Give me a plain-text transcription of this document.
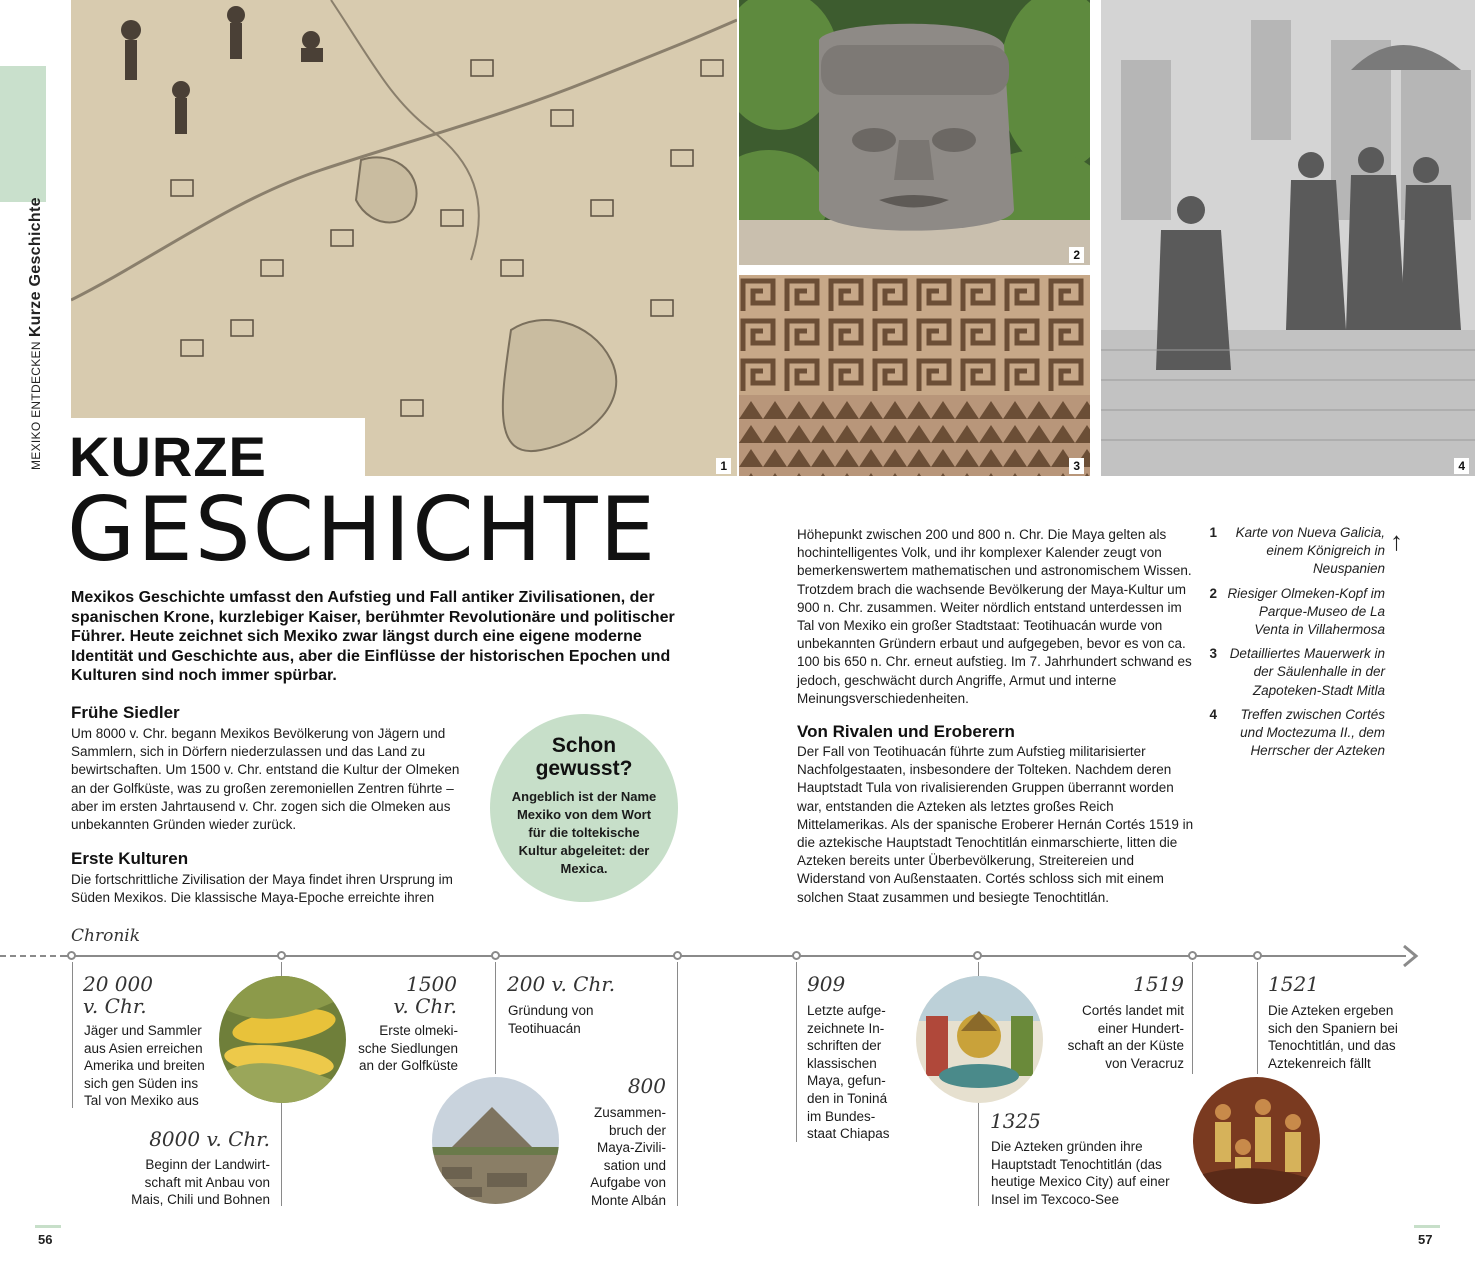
MEXIKO ENTDECKENKurze Geschichte
1
2
3	4
KURZE
GESCHICHTE

Mexikos Geschichte umfasst den Aufstieg und Fall antiker Zivilisationen, der spanischen Krone, kurzlebiger Kaiser, berühmter Revolutionäre und politischer Führer. Heute zeichnet sich Mexiko zwar längst durch eine eigene moderne Identität und Geschichte aus, aber die Einflüsse der historischen Epochen und Kulturen sind noch immer spürbar.

Frühe Siedler

Um 8000 v. Chr. begann Mexikos Bevölkerung von Jägern und Sammlern, sich in Dörfern niederzulassen und das Land zu bewirtschaften. Um 1500 v. Chr. entstand die Kultur der Olmeken an der Golfküste, was zu großen zeremoniellen Zentren führte – aber im ersten Jahrtausend v. Chr. zogen sich die Olmeken aus unbekannten Gründen wieder zurück.

Erste Kulturen

Die fortschrittliche Zivilisation der Maya findet ihren Ursprung im Süden Mexikos. Die klassische Maya-Epoche erreichte ihren

Schon
gewusst?
Angeblich ist der Name Mexiko von dem Wort für die toltekische Kultur abgeleitet: der Mexica.

Höhepunkt zwischen 200 und 800 n. Chr. Die Maya gelten als hochintelligentes Volk, und ihr komplexer Kalender zeugt von bemerkenswertem mathematischen und astronomischem Wissen. Trotzdem brach die wachsende Bevölkerung der Maya-Kultur um 900 n. Chr. zusammen. Weiter nördlich entstand unterdessen im Tal von Mexiko ein großer Stadtstaat: Teotihuacán wurde von unbekannten Gründern erbaut und aufgegeben, bevor es von ca. 100 bis 650 n. Chr. erneut aufstieg. Im 7. Jahrhundert schwand es jedoch, geschwächt durch Angriffe, Armut und interne Meinungsverschiedenheiten.

Von Rivalen und Eroberern

Der Fall von Teotihuacán führte zum Aufstieg militarisierter Nachfolgestaaten, insbesondere der Tolteken. Nachdem deren Hauptstadt Tula von rivalisierenden Gruppen überrannt worden war, entstanden die Azteken als letztes großes Reich Mittelamerikas. Als der spanische Eroberer Hernán Cortés 1519 in die aztekische Hauptstadt Tenochtitlán einmarschierte, litten die Azteken bereits unter Überbevölkerung, Streitereien und Widerstand von Außenstaaten. Cortés schloss sich mit einem solchen Staat zusammen und besiegte Tenochtitlán.

1	Karte von Nueva Galicia, einem Königreich in Neuspanien
2 Riesiger Olmeken-Kopf im Parque-Museo de La Venta in Villahermosa
3 Detailliertes Mauerwerk in der Säulenhalle in der Zapoteken-Stadt Mitla
4	Treffen zwischen Cortés und Moctezuma II., dem Herrscher der Azteken
↑
Chronik
20 000
v. Chr.
Jäger und Sammler
aus Asien erreichen
Amerika und breiten
sich gen Süden ins
Tal von Mexiko aus
8000 v. Chr.
Beginn der Landwirt-
schaft mit Anbau von
Mais, Chili und Bohnen
1500
v. Chr.
Erste olmeki-
sche Siedlungen
an der Golfküste
200 v. Chr.
Gründung von
Teotihuacán
800
Zusammen-
bruch der
Maya-Zivili-
sation und
Aufgabe von
Monte Albán
909
Letzte aufge-
zeichnete In-
schriften der
klassischen
Maya, gefun-
den in Toniná
im Bundes-
staat Chiapas
1325
Die Azteken gründen ihre
Hauptstadt Tenochtitlán (das
heutige Mexico City) auf einer
Insel im Texcoco-See
1519
Cortés landet mit
einer Hundert-
schaft an der Küste
von Veracruz
1521
Die Azteken ergeben
sich den Spaniern bei
Tenochtitlán, und das
Aztekenreich fällt
56	57
